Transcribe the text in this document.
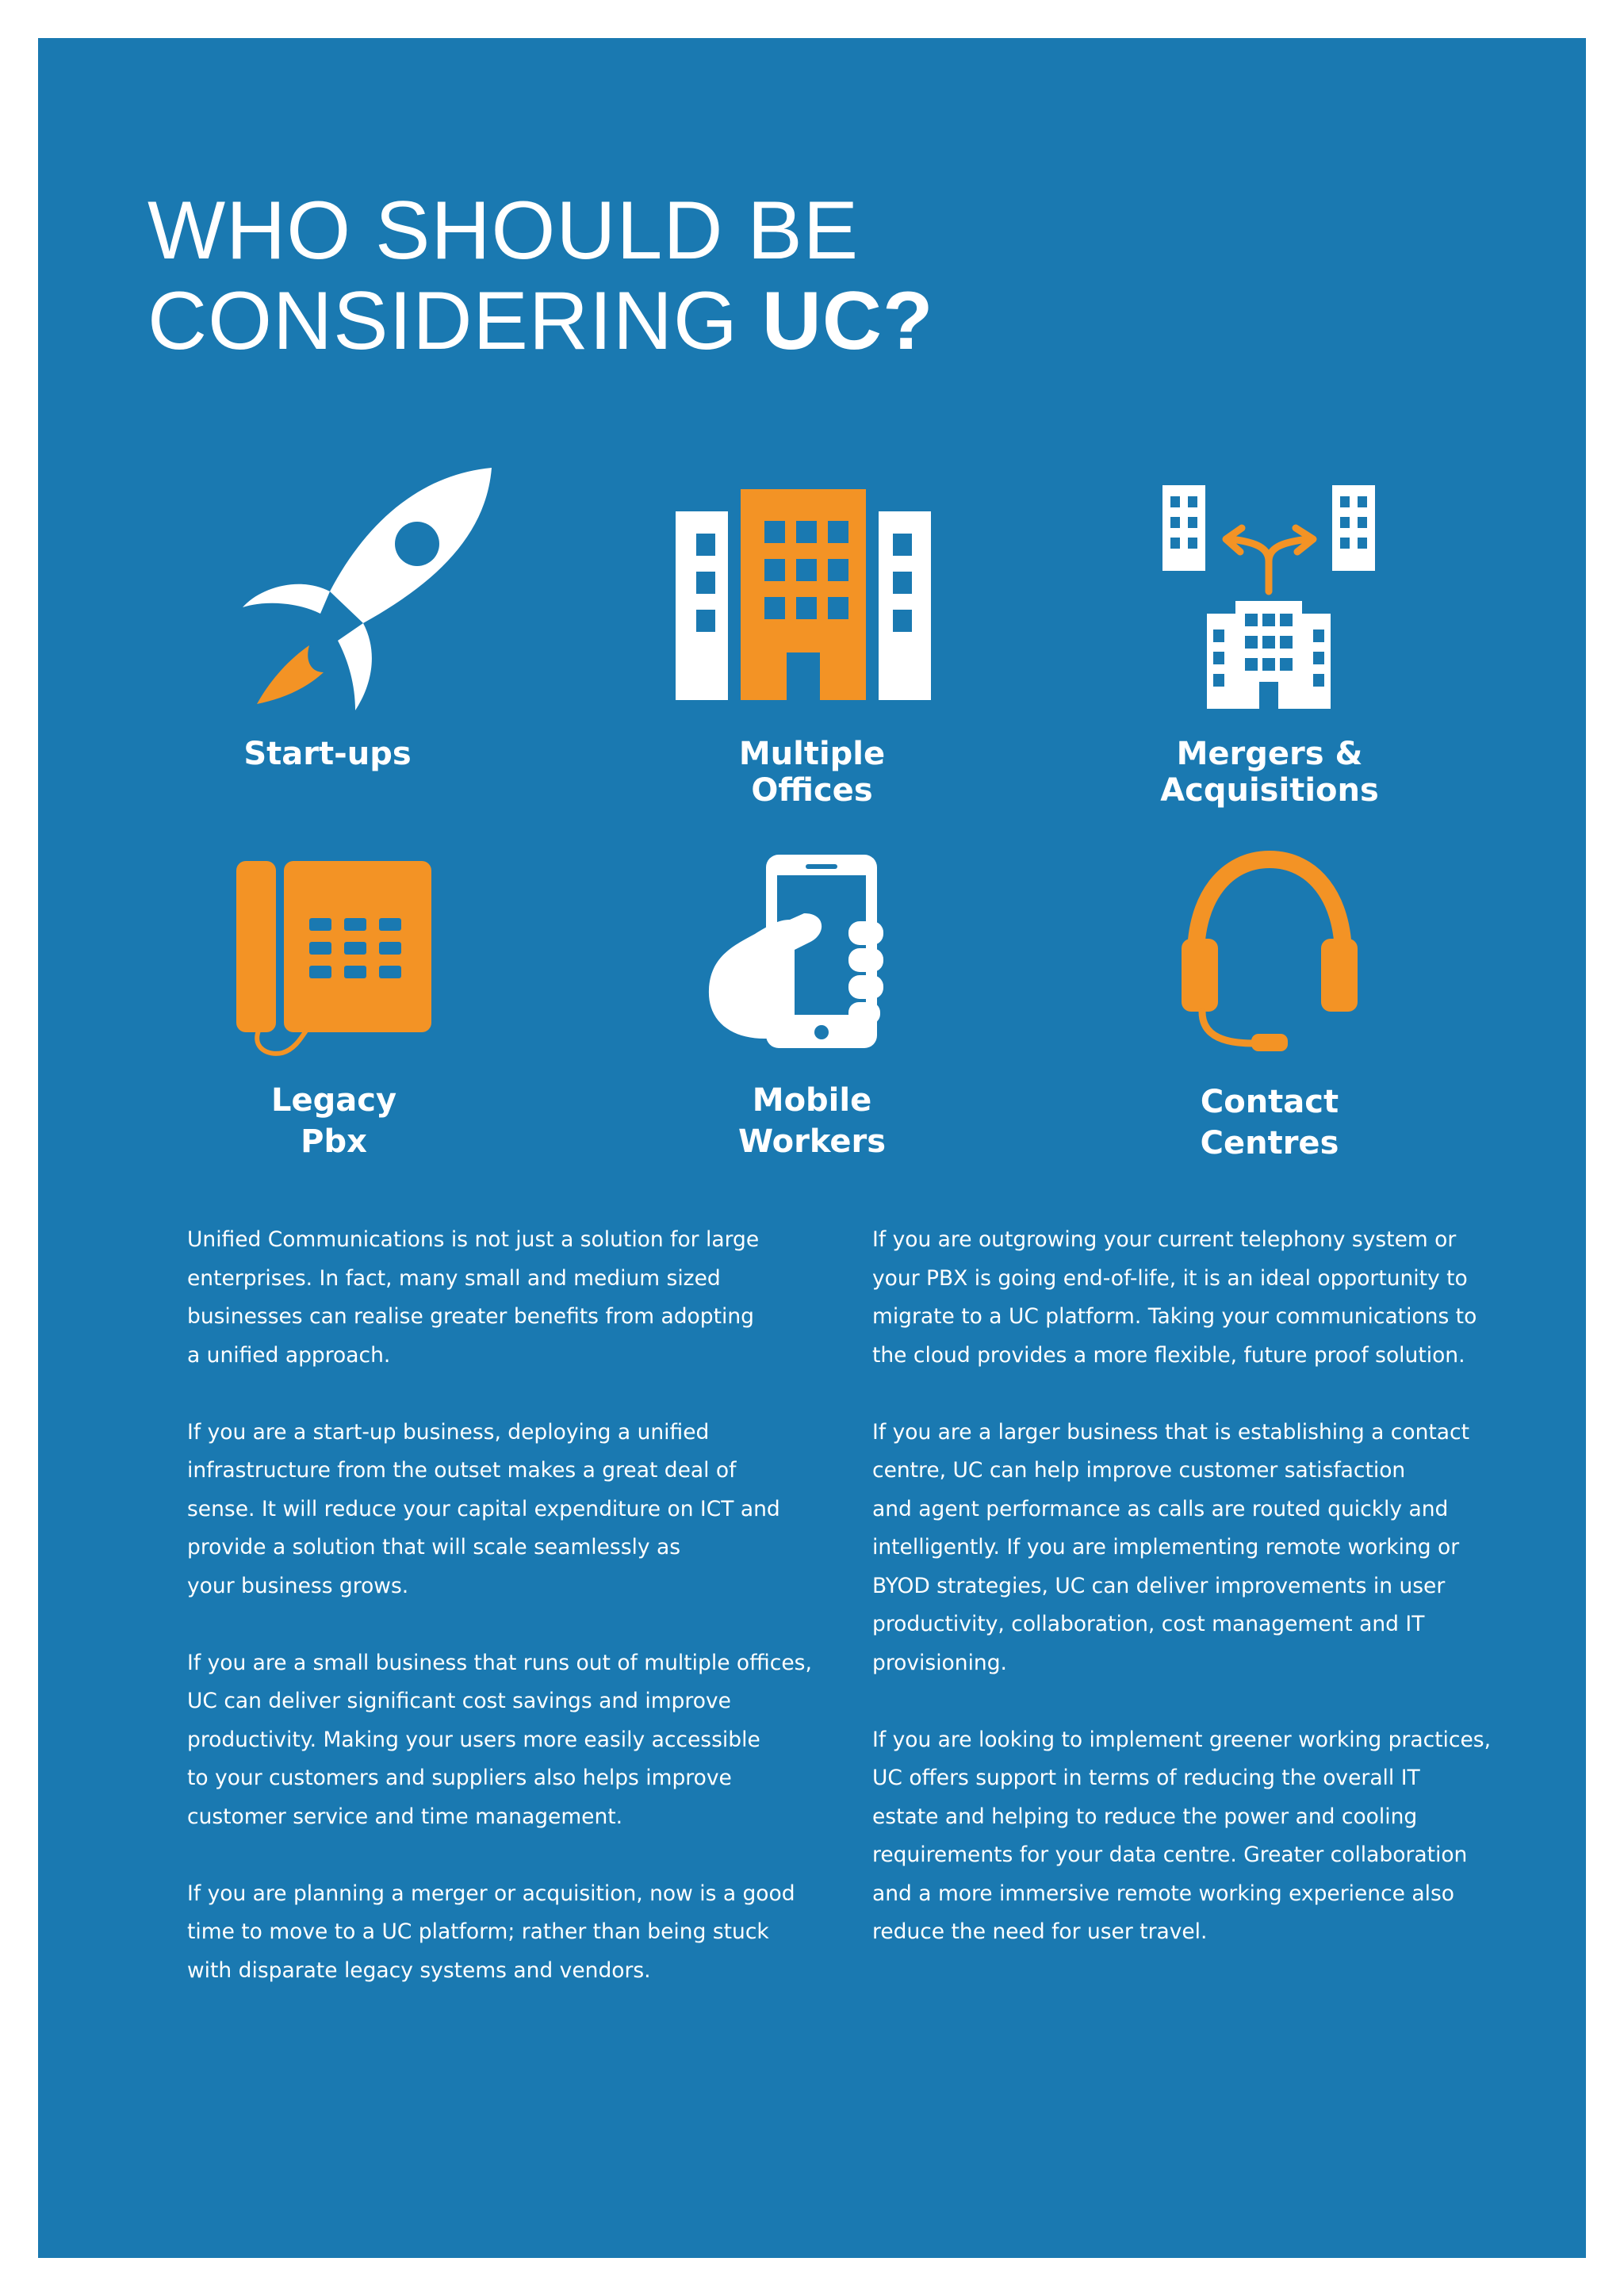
WHO SHOULD BE
CONSIDERING UC?
Start-ups	Multiple
Offices
Mergers &
Acquisitions
Legacy
Pbx
Mobile
Workers
Contact
Centres

Unified Communications is not just a solution for large
enterprises. In fact, many small and medium sized
businesses can realise greater benefits from adopting
a unified approach.

If you are a start-up business, deploying a unified
infrastructure from the outset makes a great deal of
sense. It will reduce your capital expenditure on ICT and
provide a solution that will scale seamlessly as
your business grows.

If you are a small business that runs out of multiple offices,
UC can deliver significant cost savings and improve
productivity. Making your users more easily accessible
to your customers and suppliers also helps improve
customer service and time management.

If you are planning a merger or acquisition, now is a good
time to move to a UC platform; rather than being stuck
with disparate legacy systems and vendors.

If you are outgrowing your current telephony system or
your PBX is going end-of-life, it is an ideal opportunity to
migrate to a UC platform. Taking your communications to
the cloud provides a more flexible, future proof solution.

If you are a larger business that is establishing a contact
centre, UC can help improve customer satisfaction
and agent performance as calls are routed quickly and
intelligently. If you are implementing remote working or
BYOD strategies, UC can deliver improvements in user
productivity, collaboration, cost management and IT
provisioning.

If you are looking to implement greener working practices,
UC offers support in terms of reducing the overall IT
estate and helping to reduce the power and cooling
requirements for your data centre. Greater collaboration
and a more immersive remote working experience also
reduce the need for user travel.
